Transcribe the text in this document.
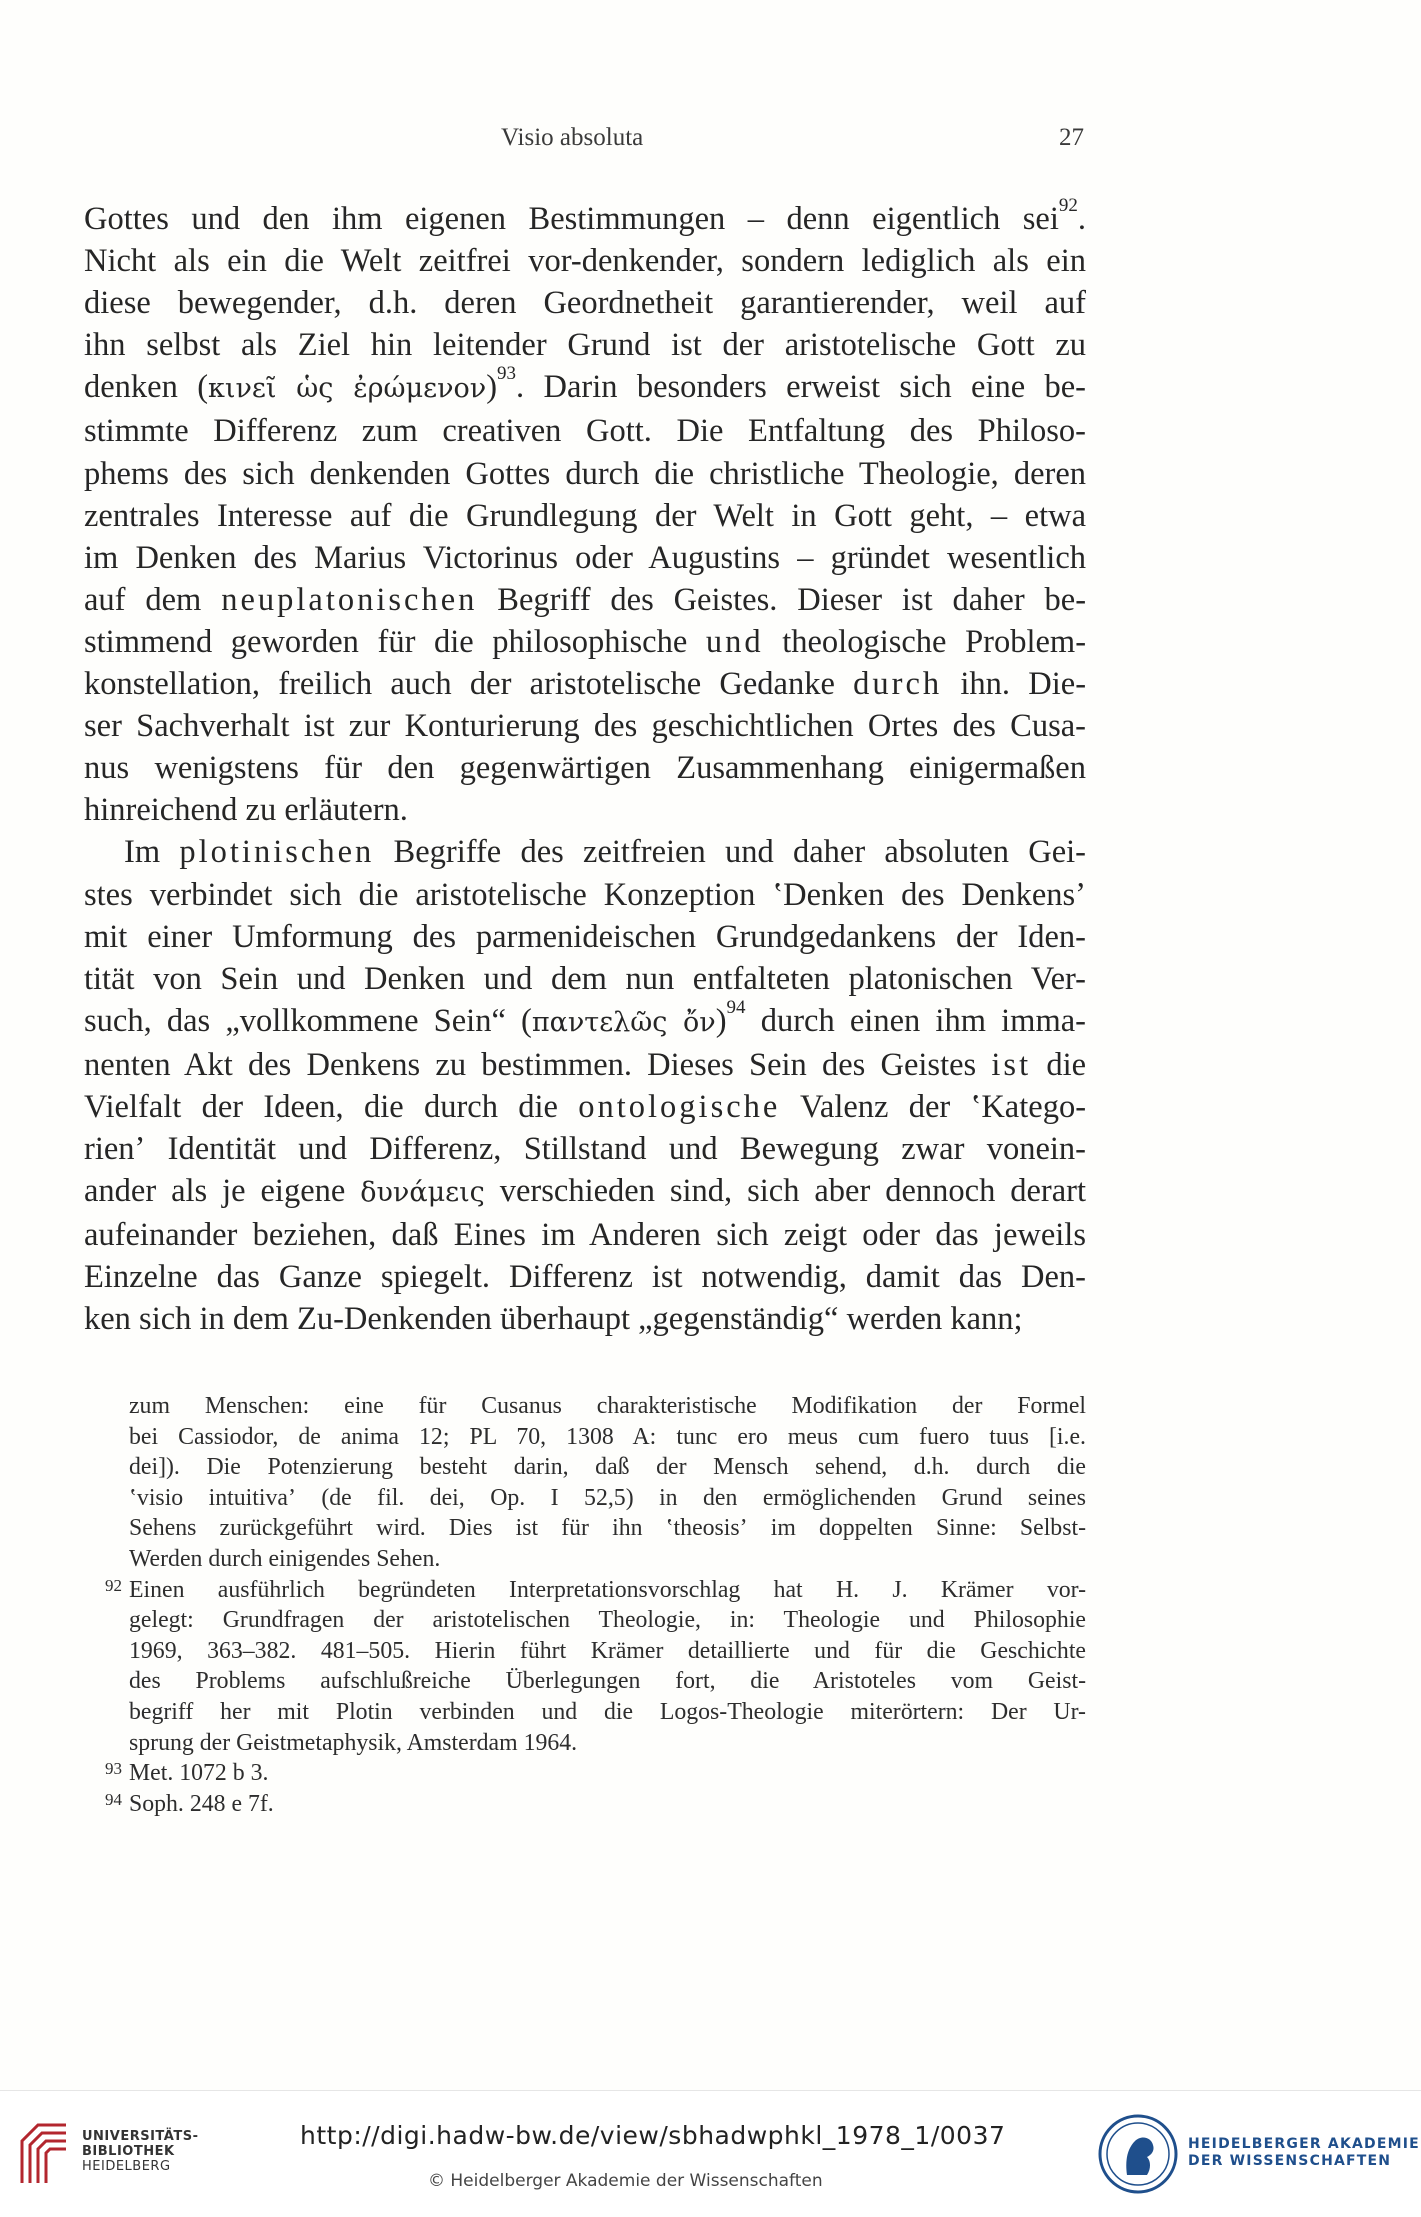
Visio absoluta	27

Gottes und den ihm eigenen Bestimmungen – denn eigentlich sei$^{92}$.

Nicht als ein die Welt zeitfrei vor-denkender, sondern lediglich als ein

diese bewegender, d.h. deren Geordnetheit garantierender, weil auf

ihn selbst als Ziel hin leitender Grund ist der aristotelische Gott zu

denken (κινεῖ ὡς ἐρώμενον)$^{93}$. Darin besonders erweist sich eine be-

stimmte Differenz zum creativen Gott. Die Entfaltung des Philoso-

phems des sich denkenden Gottes durch die christliche Theologie, deren

zentrales Interesse auf die Grundlegung der Welt in Gott geht, – etwa

im Denken des Marius Victorinus oder Augustins – gründet wesentlich

auf dem neuplatonischen Begriff des Geistes. Dieser ist daher be-

stimmend geworden für die philosophische und theologische Problem-

konstellation, freilich auch der aristotelische Gedanke durch ihn. Die-

ser Sachverhalt ist zur Konturierung des geschichtlichen Ortes des Cusa-

nus wenigstens für den gegenwärtigen Zusammenhang einigermaßen

hinreichend zu erläutern.

Im plotinischen Begriffe des zeitfreien und daher absoluten Gei-

stes verbindet sich die aristotelische Konzeption ʽDenken des Denkensʼ

mit einer Umformung des parmenideischen Grundgedankens der Iden-

tität von Sein und Denken und dem nun entfalteten platonischen Ver-

such, das „vollkommene Sein“ (παντελῶς ὄν)$^{94}$ durch einen ihm imma-

nenten Akt des Denkens zu bestimmen. Dieses Sein des Geistes ist die

Vielfalt der Ideen, die durch die ontologische Valenz der ʽKatego-

rienʼ Identität und Differenz, Stillstand und Bewegung zwar vonein-

ander als je eigene δυνάμεις verschieden sind, sich aber dennoch derart

aufeinander beziehen, daß Eines im Anderen sich zeigt oder das jeweils

Einzelne das Ganze spiegelt. Differenz ist notwendig, damit das Den-

ken sich in dem Zu-Denkenden überhaupt „gegenständig“ werden kann;

zum Menschen: eine für Cusanus charakteristische Modifikation der Formel
bei Cassiodor, de anima 12; PL 70, 1308 A: tunc ero meus cum fuero tuus [i.e.
dei]). Die Potenzierung besteht darin, daß der Mensch sehend, d.h. durch die
ʽvisio intuitivaʼ (de fil. dei, Op. I 52,5) in den ermöglichenden Grund seines
Sehens zurückgeführt wird. Dies ist für ihn ʽtheosisʼ im doppelten Sinne: Selbst-
Werden durch einigendes Sehen.
92 Einen ausführlich begründeten Interpretationsvorschlag hat H. J. Krämer vor-
gelegt: Grundfragen der aristotelischen Theologie, in: Theologie und Philosophie
1969, 363–382. 481–505. Hierin führt Krämer detaillierte und für die Geschichte
des Problems aufschlußreiche Überlegungen fort, die Aristoteles vom Geist-
begriff her mit Plotin verbinden und die Logos-Theologie miterörtern: Der Ur-
sprung der Geistmetaphysik, Amsterdam 1964.
93 Met. 1072 b 3.
94 Soph. 248 e 7f.
UNIVERSITÄTS-
BIBLIOTHEK
HEIDELBERG
http://digi.hadw-bw.de/view/sbhadwphkl_1978_1/0037
© Heidelberger Akademie der Wissenschaften
HEIDELBERGER AKADEMIE
DER WISSENSCHAFTEN
